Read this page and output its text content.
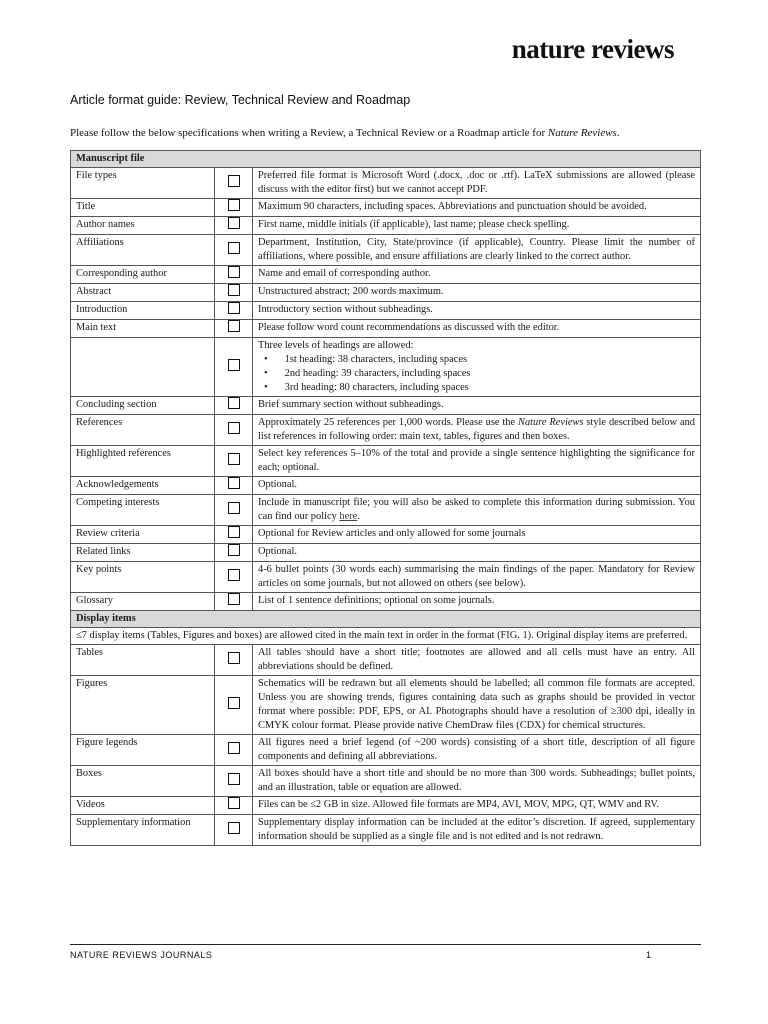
nature reviews
Article format guide: Review, Technical Review and Roadmap
Please follow the below specifications when writing a Review, a Technical Review or a Roadmap article for Nature Reviews.
Manuscript file		
File types		Preferred file format is Microsoft Word (.docx, .doc or .rtf). LaTeX submissions are allowed (please discuss with the editor first) but we cannot accept PDF.
Title		Maximum 90 characters, including spaces. Abbreviations and punctuation should be avoided.
Author names		First name, middle initials (if applicable), last name; please check spelling.
Affiliations		Department, Institution, City, State/province (if applicable), Country. Please limit the number of affiliations, where possible, and ensure affiliations are clearly linked to the correct author.
Corresponding author		Name and email of corresponding author.
Abstract		Unstructured abstract; 200 words maximum.
Introduction		Introductory section without subheadings.
Main text		Please follow word count recommendations as discussed with the editor.
		Three levels of headings are allowed:
• 1st heading: 38 characters, including spaces
• 2nd heading: 39 characters, including spaces
• 3rd heading: 80 characters, including spaces

Concluding section		Brief summary section without subheadings.
References		Approximately 25 references per 1,000 words. Please use the Nature Reviews style described below and list references in following order: main text, tables, figures and then boxes.
Highlighted references		Select key references 5–10% of the total and provide a single sentence highlighting the significance for each; optional.
Acknowledgements		Optional.
Competing interests		Include in manuscript file; you will also be asked to complete this information during submission. You can find our policy here.
Review criteria		Optional for Review articles and only allowed for some journals
Related links		Optional.
Key points		4-6 bullet points (30 words each) summarising the main findings of the paper. Mandatory for Review articles on some journals, but not allowed on others (see below).
Glossary		List of 1 sentence definitions; optional on some journals.
Display items		
≤7 display items (Tables, Figures and boxes) are allowed cited in the main text in order in the format (FIG. 1). Original display items are preferred.		
Tables		All tables should have a short title; footnotes are allowed and all cells must have an entry. All abbreviations should be defined.
Figures		Schematics will be redrawn but all elements should be labelled; all common file formats are accepted. Unless you are showing trends, figures containing data such as graphs should be provided in vector format where possible: PDF, EPS, or AI. Photographs should have a resolution of ≥300 dpi, ideally in CMYK colour format. Please provide native ChemDraw files (CDX) for chemical structures.
Figure legends		All figures need a brief legend (of ~200 words) consisting of a short title, description of all figure components and defining all abbreviations.
Boxes		All boxes should have a short title and should be no more than 300 words. Subheadings; bullet points, and an illustration, table or equation are allowed.
Videos		Files can be ≤2 GB in size. Allowed file formats are MP4, AVI, MOV, MPG, QT, WMV and RV.
Supplementary information		Supplementary display information can be included at the editor’s discretion. If agreed, supplementary information should be supplied as a single file and is not edited and is not redrawn.
NATURE REVIEWS JOURNALS	1
